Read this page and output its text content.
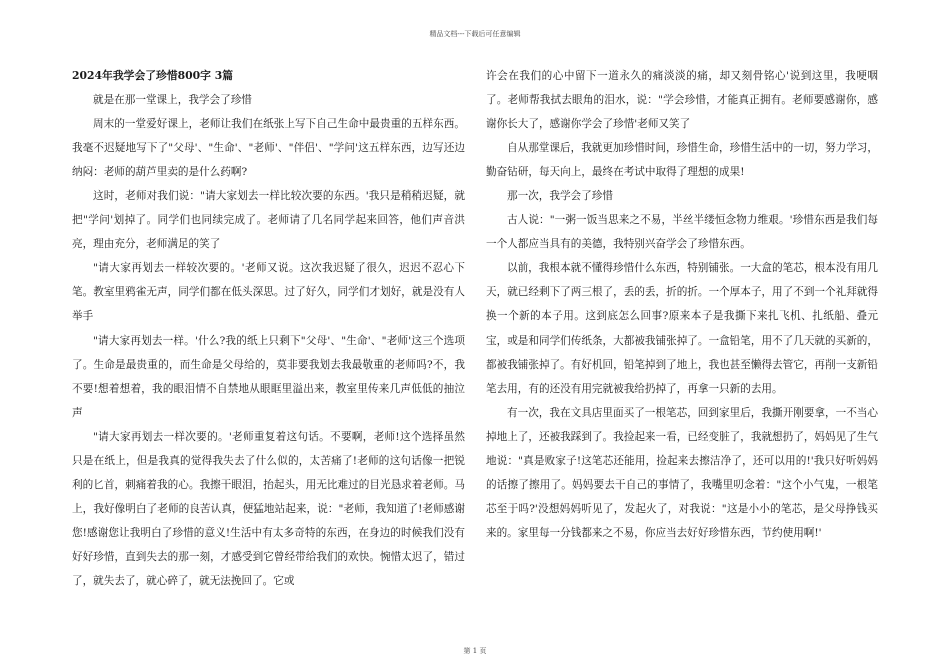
精品文档---下载后可任意编辑

2024年我学会了珍惜800字 3篇

就是在那一堂课上，我学会了珍惜

周末的一堂爱好课上，老师让我们在纸张上写下自己生命中最贵重的五样东西。我毫不迟疑地写下了"父母'、"生命'、"老师'、"伴侣'、"学问'这五样东西，边写还边纳闷：老师的葫芦里卖的是什么药啊?

这时，老师对我们说："请大家划去一样比较次要的东西。'我只是稍稍迟疑，就把"学问'划掉了。同学们也同续完成了。老师请了几名同学起来回答，他们声音洪亮，理由充分，老师满足的笑了

"请大家再划去一样较次要的。'老师又说。这次我迟疑了很久，迟迟不忍心下笔。教室里鸦雀无声，同学们都在低头深思。过了好久，同学们才划好，就是没有人举手

"请大家再划去一样。'什么?我的纸上只剩下"父母'、"生命'、"老师'这三个选项了。生命是最贵重的，而生命是父母给的，莫非要我划去我最敬重的老师吗?不，我不要!想着想着，我的眼泪情不自禁地从眼眶里溢出来，教室里传来几声低低的抽泣声

"请大家再划去一样次要的。'老师重复着这句话。不要啊，老师!这个选择虽然只是在纸上，但是我真的觉得我失去了什么似的，太苦痛了!老师的这句话像一把锐利的匕首，刺痛着我的心。我擦干眼泪，抬起头，用无比难过的目光恳求着老师。马上，我好像明白了老师的良苦认真，便猛地站起来，说："老师，我知道了!老师感谢您!感谢您让我明白了珍惜的意义!生活中有太多奇特的东西，在身边的时候我们没有好好珍惜，直到失去的那一刻，才感受到它曾经带给我们的欢快。惋惜太迟了，错过了，就失去了，就心碎了，就无法挽回了。它或

许会在我们的心中留下一道永久的痛淡淡的痛，却又刻骨铭心'说到这里，我哽咽了。老师帮我拭去眼角的泪水，说："学会珍惜，才能真正拥有。老师要感谢你，感谢你长大了，感谢你学会了珍惜'老师又笑了

自从那堂课后，我就更加珍惜时间，珍惜生命，珍惜生活中的一切，努力学习，勤奋钻研，每天向上，最终在考试中取得了理想的成果!

那一次，我学会了珍惜

古人说："一粥一饭当思来之不易，半丝半缕恒念物力维艰。'珍惜东西是我们每一个人都应当具有的美德，我特别兴奋学会了珍惜东西。

以前，我根本就不懂得珍惜什么东西，特别铺张。一大盒的笔芯，根本没有用几天，就已经剩下了两三根了，丢的丢，折的折。一个厚本子，用了不到一个礼拜就得换一个新的本子用。这到底怎么回事?原来本子是我撕下来扎飞机、扎纸船、叠元宝，或是和同学们传纸条，大都被我铺张掉了。一盒铅笔，用不了几天就的买新的，都被我铺张掉了。有好机回，铅笔掉到了地上，我也甚至懒得去管它，再削一支新铅笔去用，有的还没有用完就被我给扔掉了，再拿一只新的去用。

有一次，我在文具店里面买了一根笔芯，回到家里后，我撕开刚要拿，一不当心掉地上了，还被我踩到了。我捡起来一看，已经变脏了，我就想扔了，妈妈见了生气地说："真是败家子!这笔芯还能用，捡起来去擦洁净了，还可以用的!'我只好听妈妈的话擦了擦用了。妈妈要去干自己的事情了，我嘴里叨念着："这个小气鬼，一根笔芯至于吗?'没想妈妈听见了，发起火了，对我说："这是小小的笔芯，是父母挣钱买来的。家里每一分钱都来之不易，你应当去好好珍惜东西，节约使用啊!'

第 1 页
